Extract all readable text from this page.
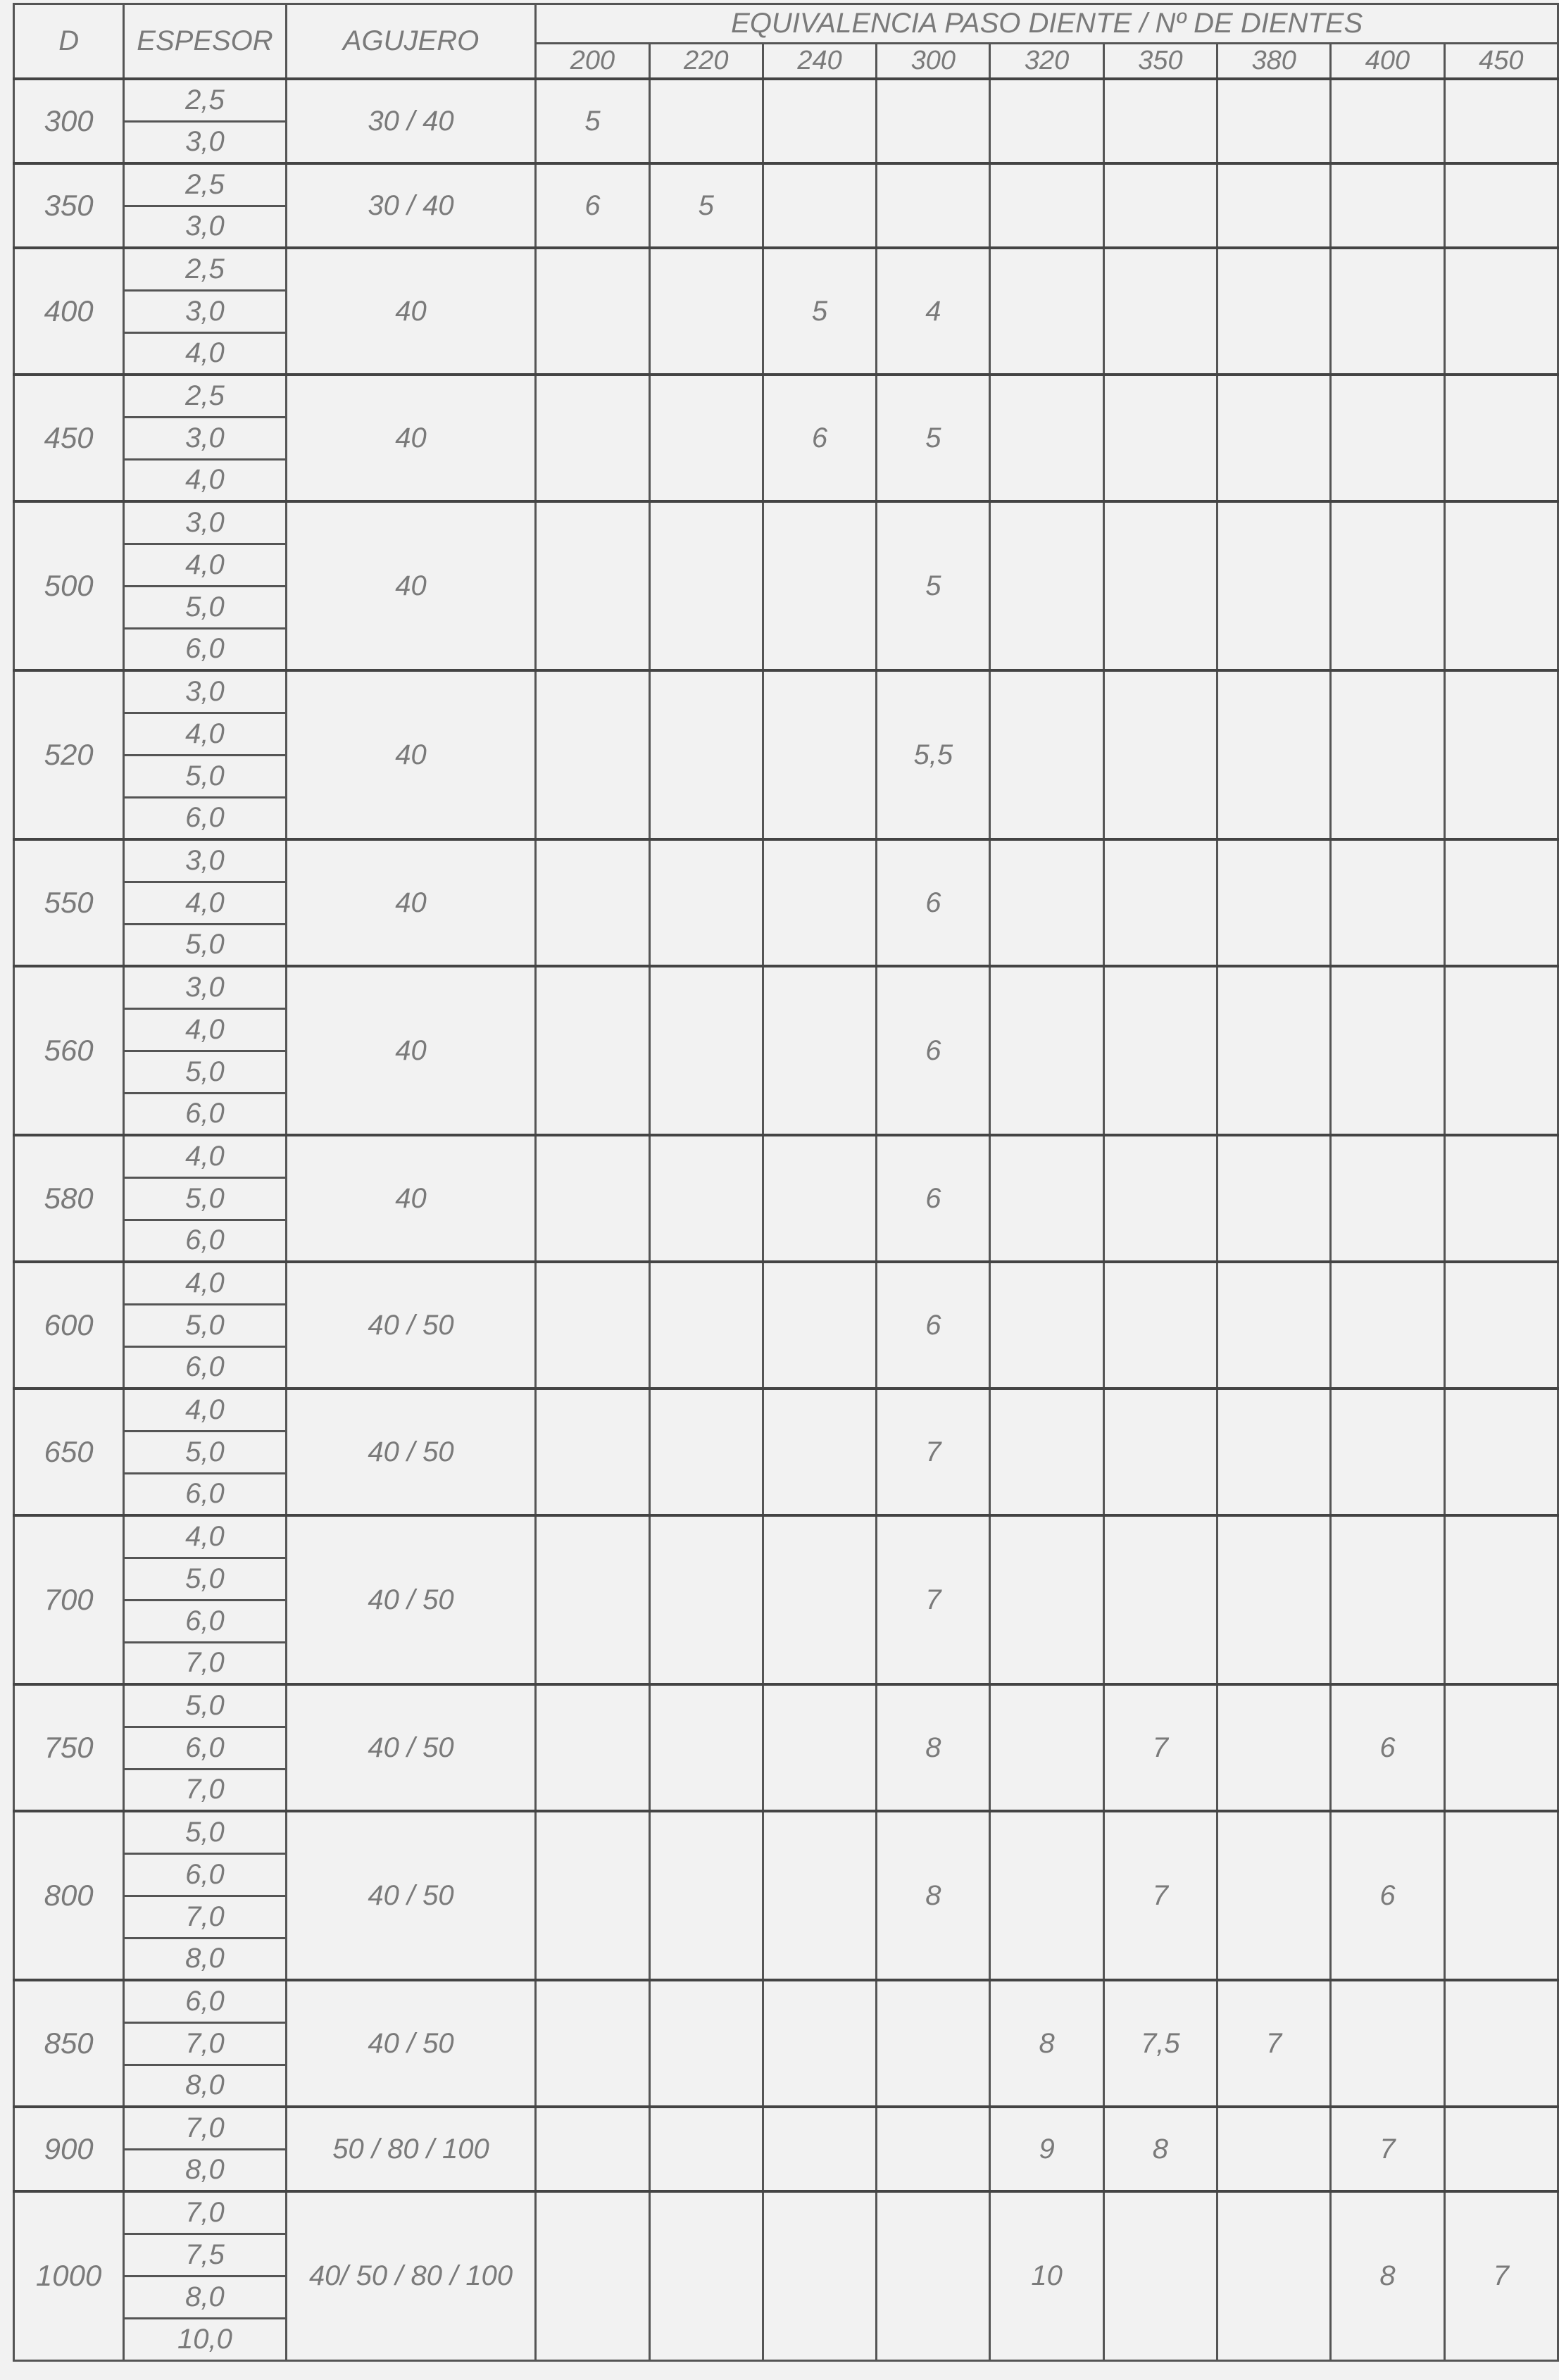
D	ESPESOR	AGUJERO	EQUIVALENCIA PASO DIENTE / Nº DE DIENTES								
			200	220	240	300	320	350	380	400	450
300	2,5	30 / 40	5								
	3,0										
350	2,5	30 / 40	6	5							
	3,0										
400	2,5	40			5	4					
	3,0										
	4,0										
450	2,5	40			6	5					
	3,0										
	4,0										
500	3,0	40				5					
	4,0										
	5,0										
	6,0										
520	3,0	40				5,5					
	4,0										
	5,0										
	6,0										
550	3,0	40				6					
	4,0										
	5,0										
560	3,0	40				6					
	4,0										
	5,0										
	6,0										
580	4,0	40				6					
	5,0										
	6,0										
600	4,0	40 / 50				6					
	5,0										
	6,0										
650	4,0	40 / 50				7					
	5,0										
	6,0										
700	4,0	40 / 50				7					
	5,0										
	6,0										
	7,0										
750	5,0	40 / 50				8		7		6	
	6,0										
	7,0										
800	5,0	40 / 50				8		7		6	
	6,0										
	7,0										
	8,0										
850	6,0	40 / 50					8	7,5	7		
	7,0										
	8,0										
900	7,0	50 / 80 / 100					9	8		7	
	8,0										
1000	7,0	40/ 50 / 80 / 100					10			8	7
	7,5										
	8,0										
	10,0										
